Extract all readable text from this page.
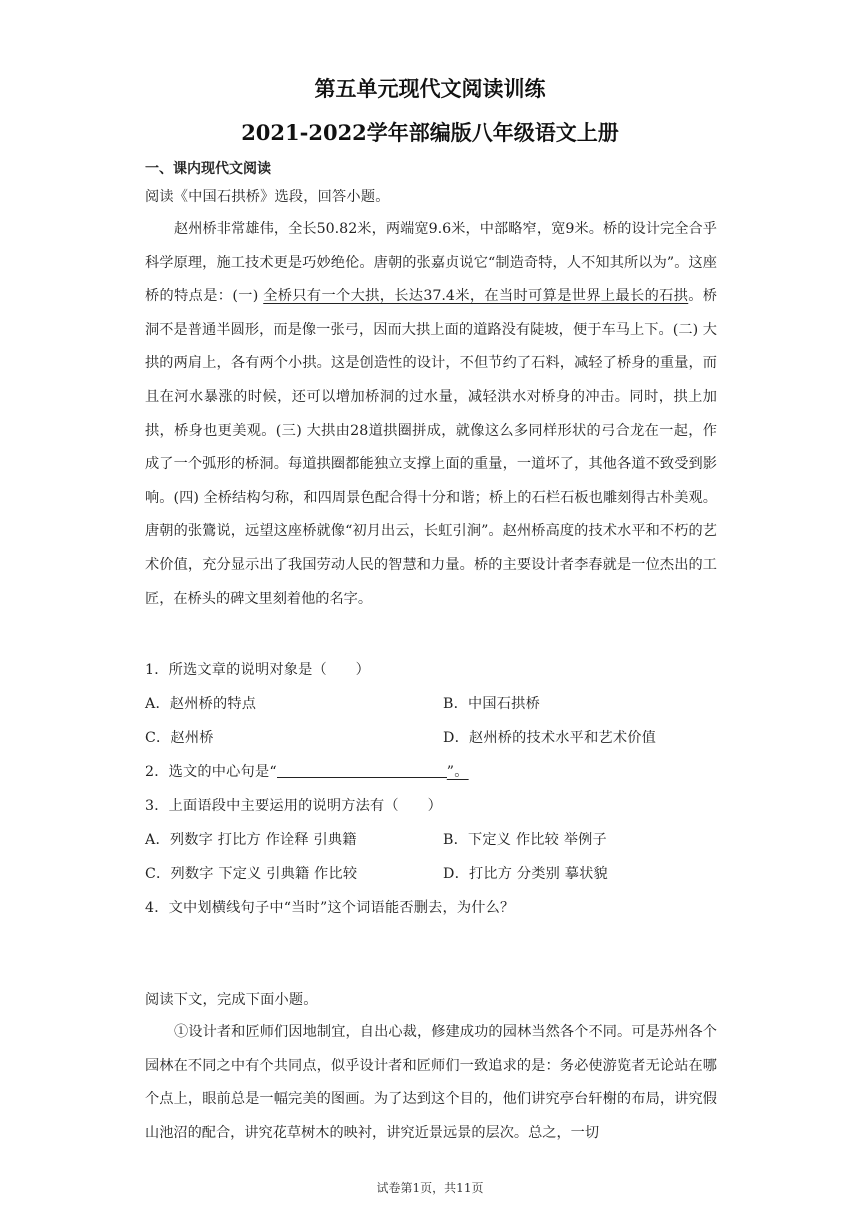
第五单元现代文阅读训练
2021-2022学年部编版八年级语文上册
一、课内现代文阅读
阅读《中国石拱桥》选段，回答小题。

赵州桥非常雄伟，全长50.82米，两端宽9.6米，中部略窄，宽9米。桥的设计完全合乎科学原理，施工技术更是巧妙绝伦。唐朝的张嘉贞说它“制造奇特，人不知其所以为”。这座桥的特点是：(一) 全桥只有一个大拱，长达37.4米，在当时可算是世界上最长的石拱。桥洞不是普通半圆形，而是像一张弓，因而大拱上面的道路没有陡坡，便于车马上下。(二) 大拱的两肩上，各有两个小拱。这是创造性的设计，不但节约了石料，减轻了桥身的重量，而且在河水暴涨的时候，还可以增加桥洞的过水量，减轻洪水对桥身的冲击。同时，拱上加拱，桥身也更美观。(三) 大拱由28道拱圈拼成，就像这么多同样形状的弓合龙在一起，作成了一个弧形的桥洞。每道拱圈都能独立支撑上面的重量，一道坏了，其他各道不致受到影响。(四) 全桥结构匀称，和四周景色配合得十分和谐；桥上的石栏石板也雕刻得古朴美观。唐朝的张鷟说，远望这座桥就像“初月出云，长虹引涧”。赵州桥高度的技术水平和不朽的艺术价值，充分显示出了我国劳动人民的智慧和力量。桥的主要设计者李春就是一位杰出的工匠，在桥头的碑文里刻着他的名字。

1．所选文章的说明对象是（　　）
A．赵州桥的特点	B．中国石拱桥
C．赵州桥	D．赵州桥的技术水平和艺术价值
2．选文的中心句是“	”。
3．上面语段中主要运用的说明方法有（　　）
A．列数字 打比方 作诠释 引典籍	B．下定义 作比较 举例子
C．列数字 下定义 引典籍 作比较	D．打比方 分类别 摹状貌
4．文中划横线句子中“当时”这个词语能否删去，为什么？
阅读下文，完成下面小题。

①设计者和匠师们因地制宜，自出心裁，修建成功的园林当然各个不同。可是苏州各个园林在不同之中有个共同点，似乎设计者和匠师们一致追求的是：务必使游览者无论站在哪个点上，眼前总是一幅完美的图画。为了达到这个目的，他们讲究亭台轩榭的布局，讲究假山池沼的配合，讲究花草树木的映衬，讲究近景远景的层次。总之，一切

试卷第1页，共11页
